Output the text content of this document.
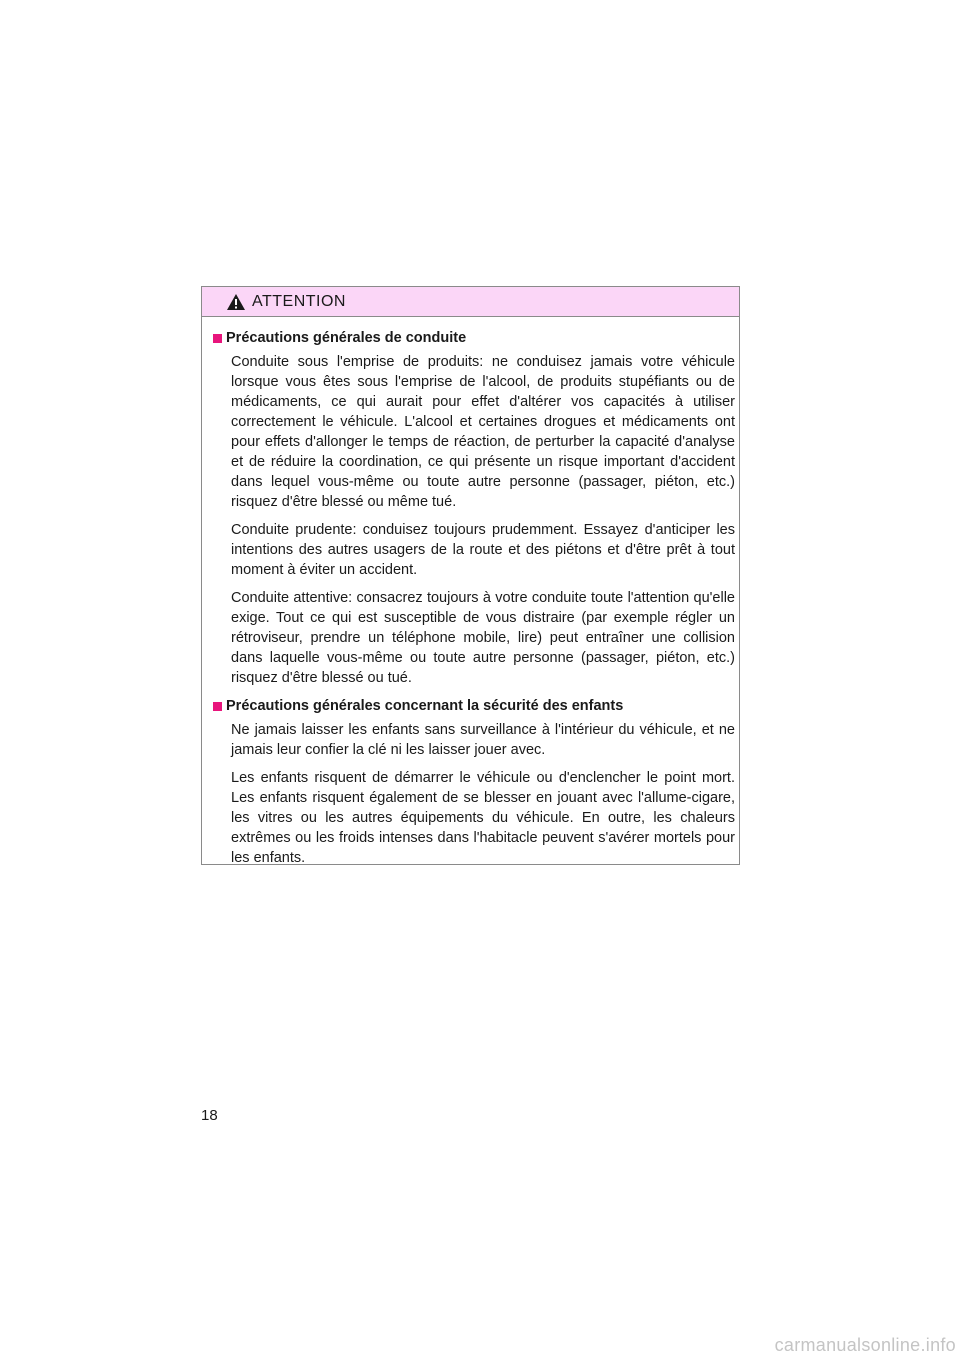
ATTENTION
Précautions générales de conduite

Conduite sous l'emprise de produits: ne conduisez jamais votre véhicule lorsque vous êtes sous l'emprise de l'alcool, de produits stupéfiants ou de médicaments, ce qui aurait pour effet d'altérer vos capacités à utiliser correctement le véhicule. L'alcool et certaines drogues et médicaments ont pour effets d'allonger le temps de réaction, de perturber la capacité d'analyse et de réduire la coordination, ce qui présente un risque important d'accident dans lequel vous-même ou toute autre personne (passager, piéton, etc.) risquez d'être blessé ou même tué.

Conduite prudente: conduisez toujours prudemment. Essayez d'anticiper les intentions des autres usagers de la route et des piétons et d'être prêt à tout moment à éviter un accident.

Conduite attentive: consacrez toujours à votre conduite toute l'attention qu'elle exige. Tout ce qui est susceptible de vous distraire (par exemple régler un rétroviseur, prendre un téléphone mobile, lire) peut entraîner une collision dans laquelle vous-même ou toute autre personne (passager, piéton, etc.) risquez d'être blessé ou tué.

Précautions générales concernant la sécurité des enfants

Ne jamais laisser les enfants sans surveillance à l'intérieur du véhicule, et ne jamais leur confier la clé ni les laisser jouer avec.

Les enfants risquent de démarrer le véhicule ou d'enclencher le point mort. Les enfants risquent également de se blesser en jouant avec l'allume-cigare, les vitres ou les autres équipements du véhicule. En outre, les chaleurs extrêmes ou les froids intenses dans l'habitacle peuvent s'avérer mortels pour les enfants.

18
carmanualsonline.info
